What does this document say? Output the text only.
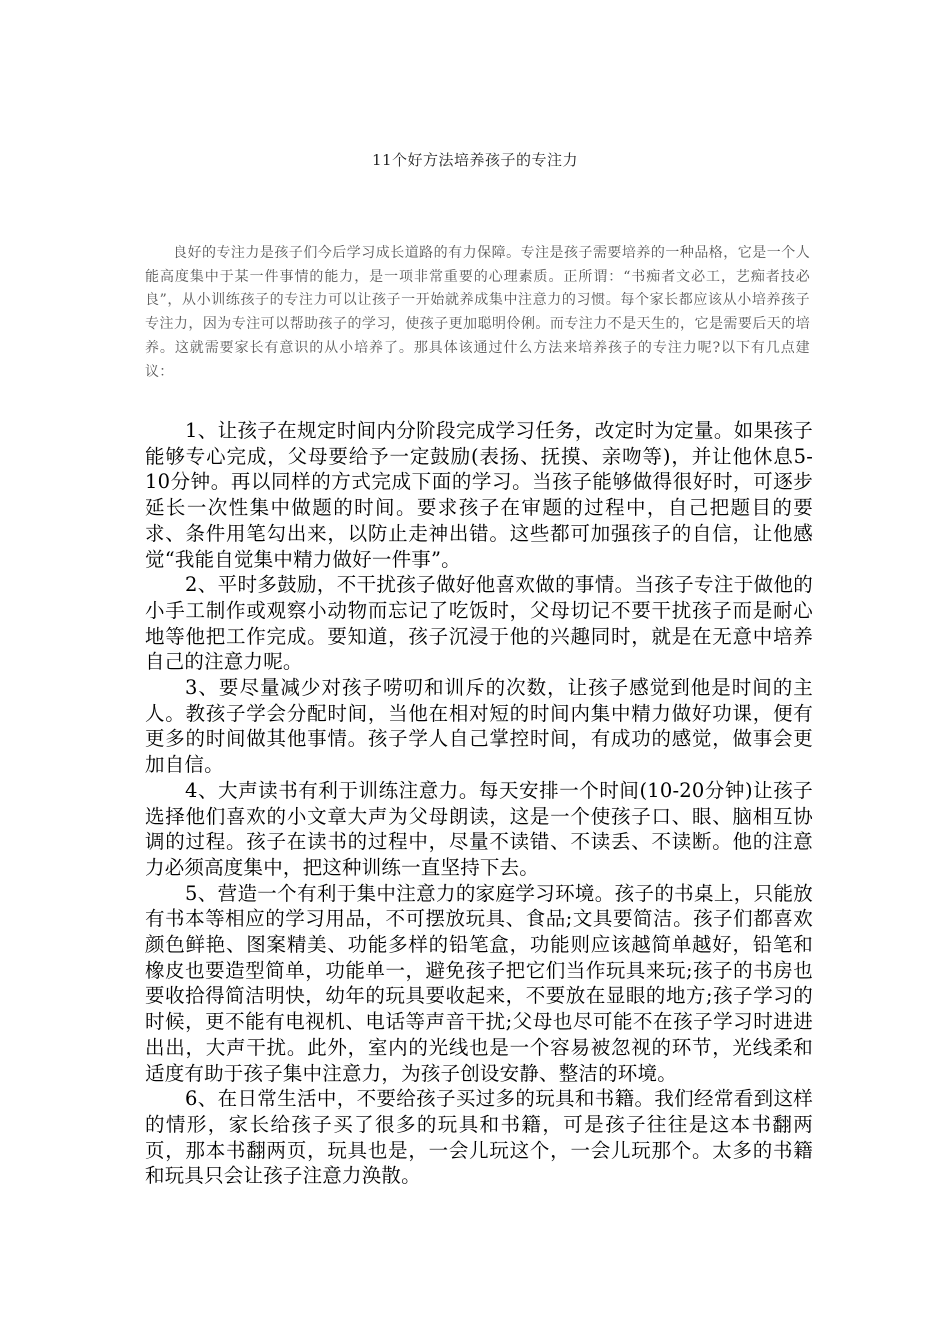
11个好方法培养孩子的专注力

良好的专注力是孩子们今后学习成长道路的有力保障。专注是孩子需要培养的一种品格，它是一个人能高度集中于某一件事情的能力，是一项非常重要的心理素质。正所谓：“书痴者文必工，艺痴者技必良”，从小训练孩子的专注力可以让孩子一开始就养成集中注意力的习惯。每个家长都应该从小培养孩子专注力，因为专注可以帮助孩子的学习，使孩子更加聪明伶俐。而专注力不是天生的，它是需要后天的培养。这就需要家长有意识的从小培养了。那具体该通过什么方法来培养孩子的专注力呢?以下有几点建议：

1、让孩子在规定时间内分阶段完成学习任务，改定时为定量。如果孩子能够专心完成，父母要给予一定鼓励(表扬、抚摸、亲吻等)，并让他休息5-10分钟。再以同样的方式完成下面的学习。当孩子能够做得很好时，可逐步延长一次性集中做题的时间。要求孩子在审题的过程中，自己把题目的要求、条件用笔勾出来，以防止走神出错。这些都可加强孩子的自信，让他感觉“我能自觉集中精力做好一件事”。

2、平时多鼓励，不干扰孩子做好他喜欢做的事情。当孩子专注于做他的小手工制作或观察小动物而忘记了吃饭时，父母切记不要干扰孩子而是耐心地等他把工作完成。要知道，孩子沉浸于他的兴趣同时，就是在无意中培养自己的注意力呢。

3、要尽量减少对孩子唠叨和训斥的次数，让孩子感觉到他是时间的主人。教孩子学会分配时间，当他在相对短的时间内集中精力做好功课，便有更多的时间做其他事情。孩子学人自己掌控时间，有成功的感觉，做事会更加自信。

4、大声读书有利于训练注意力。每天安排一个时间(10-20分钟)让孩子选择他们喜欢的小文章大声为父母朗读，这是一个使孩子口、眼、脑相互协调的过程。孩子在读书的过程中，尽量不读错、不读丢、不读断。他的注意力必须高度集中，把这种训练一直坚持下去。

5、营造一个有利于集中注意力的家庭学习环境。孩子的书桌上，只能放有书本等相应的学习用品，不可摆放玩具、食品;文具要简洁。孩子们都喜欢颜色鲜艳、图案精美、功能多样的铅笔盒，功能则应该越简单越好，铅笔和橡皮也要造型简单，功能单一，避免孩子把它们当作玩具来玩;孩子的书房也要收拾得简洁明快，幼年的玩具要收起来，不要放在显眼的地方;孩子学习的时候，更不能有电视机、电话等声音干扰;父母也尽可能不在孩子学习时进进出出，大声干扰。此外，室内的光线也是一个容易被忽视的环节，光线柔和适度有助于孩子集中注意力，为孩子创设安静、整洁的环境。

6、在日常生活中，不要给孩子买过多的玩具和书籍。我们经常看到这样的情形，家长给孩子买了很多的玩具和书籍，可是孩子往往是这本书翻两页，那本书翻两页，玩具也是，一会儿玩这个，一会儿玩那个。太多的书籍和玩具只会让孩子注意力涣散。
